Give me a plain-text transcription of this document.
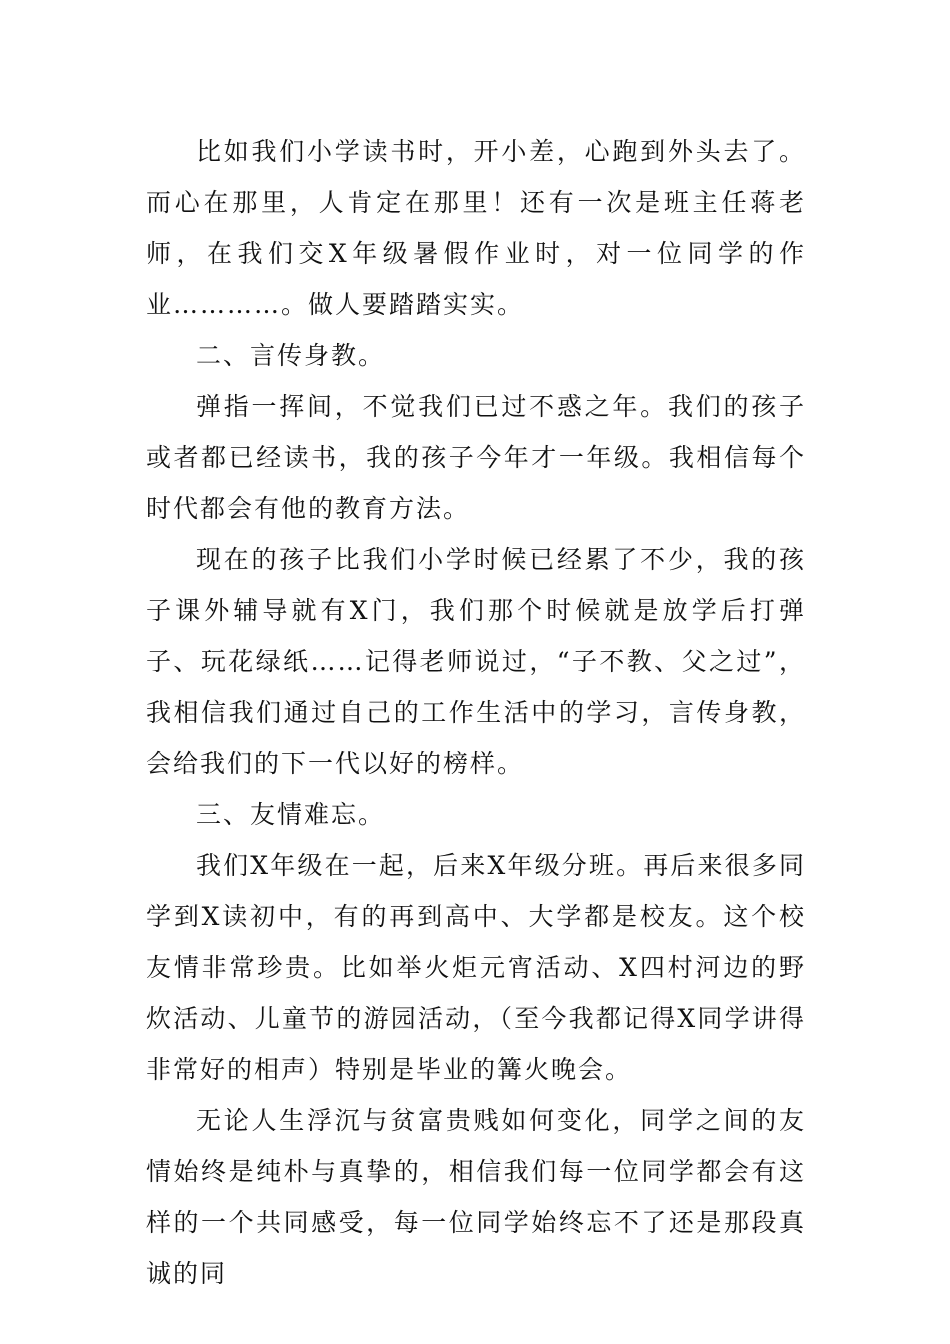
比如我们小学读书时，开小差，心跑到外头去了。而心在那里，人肯定在那里！还有一次是班主任蒋老师，在我们交X年级暑假作业时，对一位同学的作业…………。做人要踏踏实实。

二、言传身教。

弹指一挥间，不觉我们已过不惑之年。我们的孩子或者都已经读书，我的孩子今年才一年级。我相信每个时代都会有他的教育方法。

现在的孩子比我们小学时候已经累了不少，我的孩子课外辅导就有X门，我们那个时候就是放学后打弹子、玩花绿纸……记得老师说过，“子不教、父之过”，我相信我们通过自己的工作生活中的学习，言传身教，会给我们的下一代以好的榜样。

三、友情难忘。

我们X年级在一起，后来X年级分班。再后来很多同学到X读初中，有的再到高中、大学都是校友。这个校友情非常珍贵。比如举火炬元宵活动、X四村河边的野炊活动、儿童节的游园活动，（至今我都记得X同学讲得非常好的相声）特别是毕业的篝火晚会。

无论人生浮沉与贫富贵贱如何变化，同学之间的友情始终是纯朴与真挚的，相信我们每一位同学都会有这样的一个共同感受，每一位同学始终忘不了还是那段真诚的同
